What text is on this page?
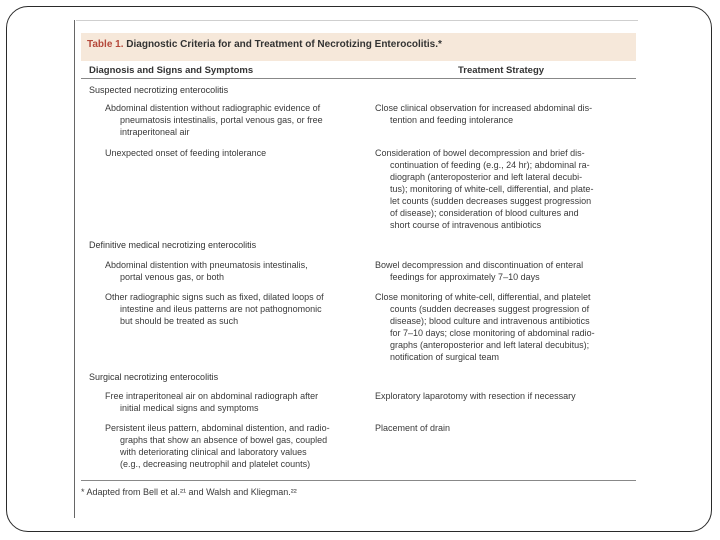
Table 1. Diagnostic Criteria for and Treatment of Necrotizing Enterocolitis.*
Diagnosis and Signs and Symptoms	Treatment Strategy
Suspected necrotizing enterocolitis
Abdominal distention without radiographic evidence of
pneumatosis intestinalis, portal venous gas, or free
intraperitoneal air
Close clinical observation for increased abdominal dis-
tention and feeding intolerance
Unexpected onset of feeding intolerance	Consideration of bowel decompression and brief dis-
continuation of feeding (e.g., 24 hr); abdominal ra-
diograph (anteroposterior and left lateral decubi-
tus); monitoring of white-cell, differential, and plate-
let counts (sudden decreases suggest progression
of disease); consideration of blood cultures and
short course of intravenous antibiotics
Definitive medical necrotizing enterocolitis
Abdominal distention with pneumatosis intestinalis,
portal venous gas, or both
Bowel decompression and discontinuation of enteral
feedings for approximately 7–10 days
Other radiographic signs such as fixed, dilated loops of
intestine and ileus patterns are not pathognomonic
but should be treated as such
Close monitoring of white-cell, differential, and platelet
counts (sudden decreases suggest progression of
disease); blood culture and intravenous antibiotics
for 7–10 days; close monitoring of abdominal radio-
graphs (anteroposterior and left lateral decubitus);
notification of surgical team
Surgical necrotizing enterocolitis
Free intraperitoneal air on abdominal radiograph after
initial medical signs and symptoms
Exploratory laparotomy with resection if necessary
Persistent ileus pattern, abdominal distention, and radio-
graphs that show an absence of bowel gas, coupled
with deteriorating clinical and laboratory values
(e.g., decreasing neutrophil and platelet counts)
Placement of drain
* Adapted from Bell et al.²¹ and Walsh and Kliegman.²²
